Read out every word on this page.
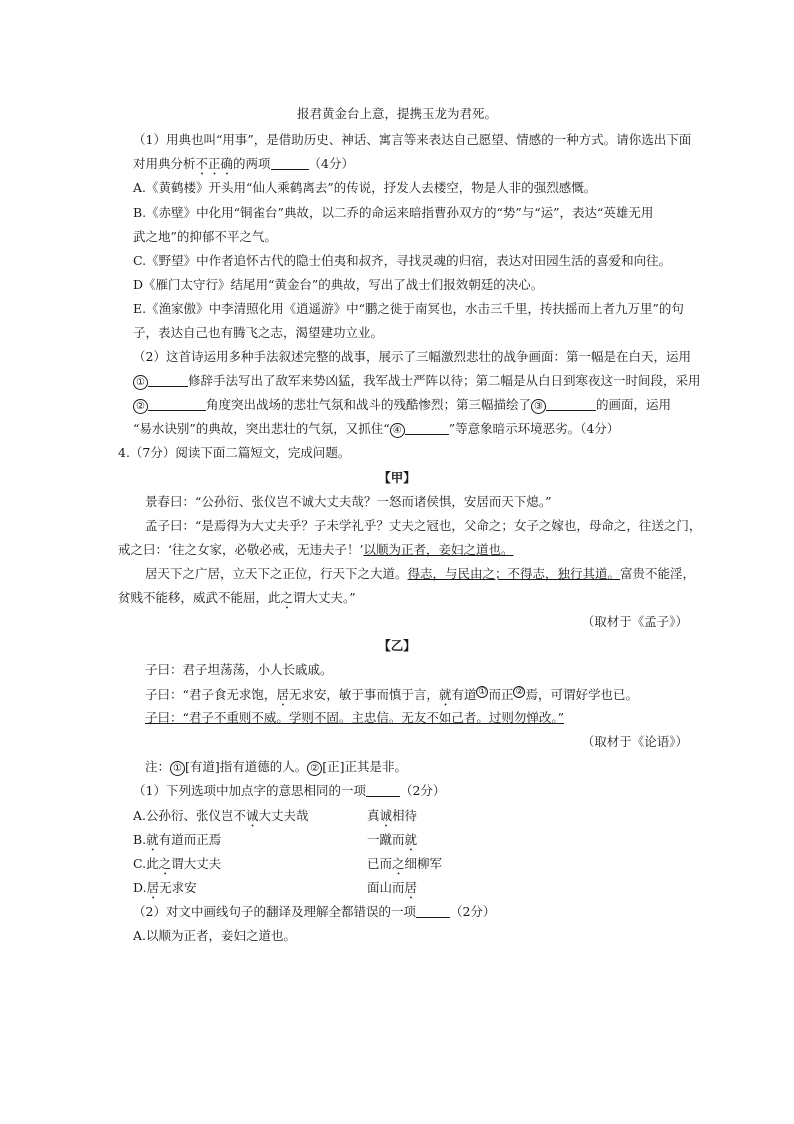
报君黄金台上意，提携玉龙为君死。
（1）用典也叫“用事”，是借助历史、神话、寓言等来表达自己愿望、情感的一种方式。请你选出下面
对用典分析不正确的两项	（4分）
A.《黄鹤楼》开头用“仙人乘鹤离去”的传说，抒发人去楼空，物是人非的强烈感慨。
B.《赤壁》中化用“铜雀台”典故，以二乔的命运来暗指曹孙双方的“势”与“运”，表达“英雄无用
武之地”的抑郁不平之气。
C.《野望》中作者追怀古代的隐士伯夷和叔齐，寻找灵魂的归宿，表达对田园生活的喜爱和向往。
D《雁门太守行》结尾用“黄金台”的典故，写出了战士们报效朝廷的决心。
E.《渔家傲》中李清照化用《逍遥游》中“鹏之徙于南冥也，水击三千里，抟扶摇而上者九万里”的句
子，表达自己也有腾飞之志，渴望建功立业。
（2）这首诗运用多种手法叙述完整的战事，展示了三幅激烈悲壮的战争画面：第一幅是在白天，运用
①	修辞手法写出了敌军来势凶猛，我军战士严阵以待；第二幅是从白日到寒夜这一时间段，采用
②	角度突出战场的悲壮气氛和战斗的残酷惨烈；第三幅描绘了 ③	的画面，运用
“易水诀别”的典故，突出悲壮的气氛，又抓住“ ④	”等意象暗示环境恶劣。（4分）
4.（7分）阅读下面二篇短文，完成问题。
【甲】
景春曰：“公孙衍、张仪岂不诚大丈夫哉？一怒而诸侯惧，安居而天下熄。”
孟子曰：“是焉得为大丈夫乎？子未学礼乎？丈夫之冠也，父命之；女子之嫁也，母命之，往送之门，
戒之曰：‘往之女家，必敬必戒，无违夫子！’以顺为正者，妾妇之道也。
居天下之广居，立天下之正位，行天下之大道。得志，与民由之；不得志，独行其道。富贵不能淫，
贫贱不能移，威武不能屈，此之谓大丈夫。”
（取材于《孟子》）
【乙】
子曰：君子坦荡荡，小人长戚戚。
子曰：“君子食无求饱，居无求安，敏于事而慎于言，就有道 ① 而正 ② 焉，可谓好学也已。
子曰：“君子不重则不威。学则不固。主忠信。无友不如己者。过则勿惮改。”
（取材于《论语》）
注： ① [有道]指有道德的人。 ② [正]正其是非。
（1）下列选项中加点字的意思相同的一项	（2分）
A.公孙衍、张仪岂不诚大丈夫哉	真诚相待
B.就有道而正焉	一蹴而就
C.此之谓大丈夫	已而之细柳军
D.居无求安	面山而居
（2）对文中画线句子的翻译及理解全都错误的一项	（2分）
A.以顺为正者，妾妇之道也。
